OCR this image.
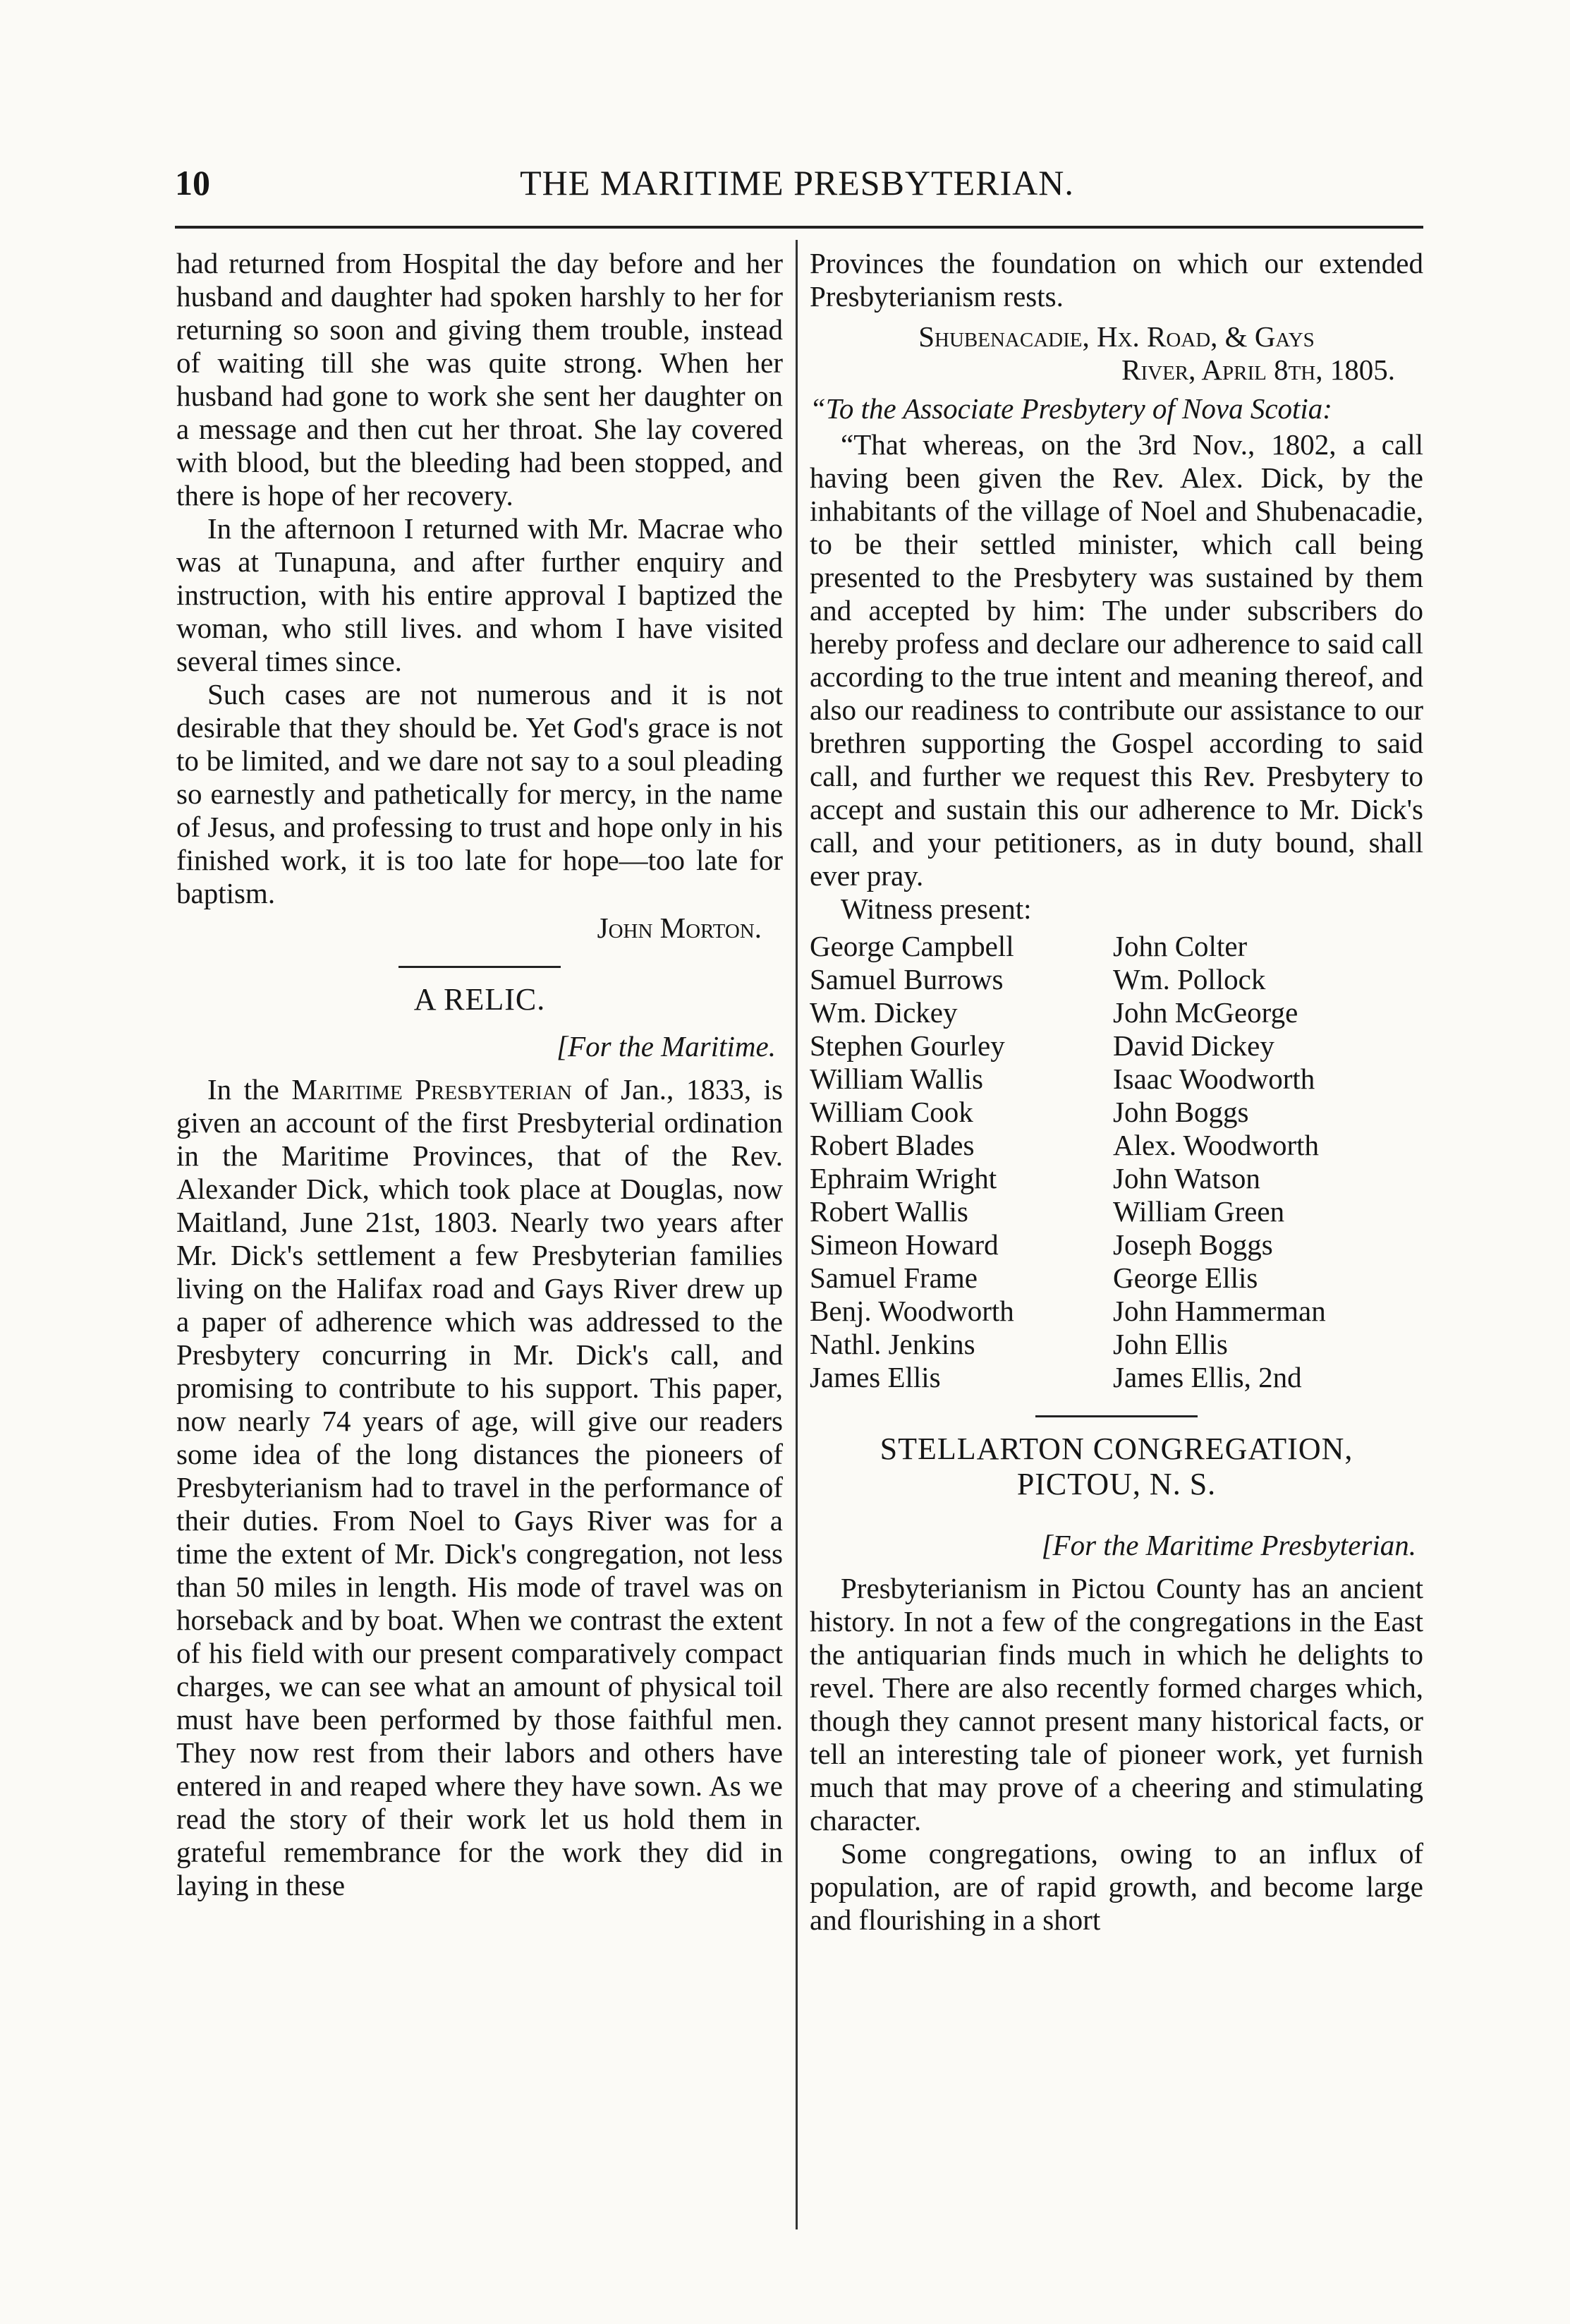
10	THE MARITIME PRESBYTERIAN.

had returned from Hospital the day before and her husband and daughter had spoken harshly to her for returning so soon and giving them trouble, instead of waiting till she was quite strong. When her husband had gone to work she sent her daughter on a message and then cut her throat. She lay covered with blood, but the bleeding had been stopped, and there is hope of her recovery.

In the afternoon I returned with Mr. Macrae who was at Tunapuna, and after further enquiry and instruction, with his entire approval I baptized the woman, who still lives. and whom I have visited several times since.

Such cases are not numerous and it is not desirable that they should be. Yet God's grace is not to be limited, and we dare not say to a soul pleading so earnestly and pathetically for mercy, in the name of Jesus, and professing to trust and hope only in his finished work, it is too late for hope—too late for baptism.

John Morton.
A RELIC.
[For the Maritime.

In the Maritime Presbyterian of Jan., 1833, is given an account of the first Presbyterial ordination in the Maritime Provinces, that of the Rev. Alexander Dick, which took place at Douglas, now Maitland, June 21st, 1803. Nearly two years after Mr. Dick's settlement a few Presbyterian families living on the Halifax road and Gays River drew up a paper of adherence which was addressed to the Presbytery concurring in Mr. Dick's call, and promising to contribute to his support. This paper, now nearly 74 years of age, will give our readers some idea of the long distances the pioneers of Presbyterianism had to travel in the performance of their duties. From Noel to Gays River was for a time the extent of Mr. Dick's congregation, not less than 50 miles in length. His mode of travel was on horseback and by boat. When we contrast the extent of his field with our present comparatively compact charges, we can see what an amount of physical toil must have been performed by those faithful men. They now rest from their labors and others have entered in and reaped where they have sown. As we read the story of their work let us hold them in grateful remembrance for the work they did in laying in these

Provinces the foundation on which our extended Presbyterianism rests.

Shubenacadie, Hx. Road, & Gays
River, April 8th, 1805.
“To the Associate Presbytery of Nova Scotia:

“That whereas, on the 3rd Nov., 1802, a call having been given the Rev. Alex. Dick, by the inhabitants of the village of Noel and Shubenacadie, to be their settled minister, which call being presented to the Presbytery was sustained by them and accepted by him: The under subscribers do hereby profess and declare our adherence to said call according to the true intent and meaning thereof, and also our readiness to contribute our assistance to our brethren supporting the Gospel according to said call, and further we request this Rev. Presbytery to accept and sustain this our adherence to Mr. Dick's call, and your petitioners, as in duty bound, shall ever pray.

Witness present:
George Campbell	John Colter
Samuel Burrows	Wm. Pollock
Wm. Dickey	John McGeorge
Stephen Gourley	David Dickey
William Wallis	Isaac Woodworth
William Cook	John Boggs
Robert Blades	Alex. Woodworth
Ephraim Wright	John Watson
Robert Wallis	William Green
Simeon Howard	Joseph Boggs
Samuel Frame	George Ellis
Benj. Woodworth	John Hammerman
Nathl. Jenkins	John Ellis
James Ellis	James Ellis, 2nd
STELLARTON CONGREGATION,
PICTOU, N. S.
[For the Maritime Presbyterian.

Presbyterianism in Pictou County has an ancient history. In not a few of the congregations in the East the antiquarian finds much in which he delights to revel. There are also recently formed charges which, though they cannot present many historical facts, or tell an interesting tale of pioneer work, yet furnish much that may prove of a cheering and stimulating character.

Some congregations, owing to an influx of population, are of rapid growth, and become large and flourishing in a short
